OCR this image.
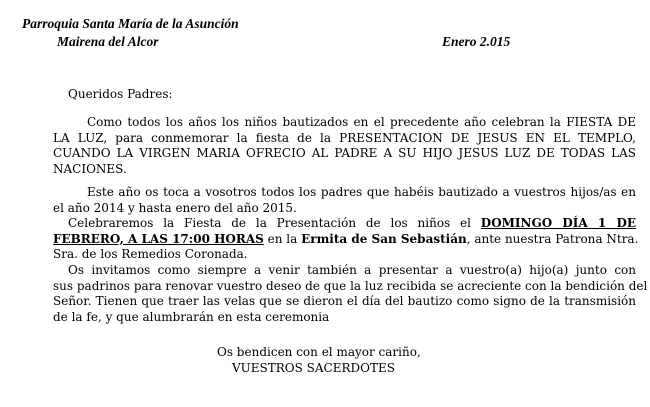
Parroquia Santa María de la Asunción
Mairena del Alcor	Enero 2.015
Queridos Padres:
Como todos los años los niños bautizados en el precedente año celebran la FIESTA DE
LA LUZ, para conmemorar la fiesta de la PRESENTACION DE JESUS EN EL TEMPLO,
CUANDO LA VIRGEN MARIA OFRECIO AL PADRE A SU HIJO JESUS LUZ DE TODAS LAS
NACIONES.
Este año os toca a vosotros todos los padres que habéis bautizado a vuestros hijos/as en
el año 2014 y hasta enero del año 2015.
Celebraremos la Fiesta de la Presentación de los niños el DOMINGO DÍA 1 DE
FEBRERO, A LAS 17:00 HORAS en la Ermita de San Sebastián, ante nuestra Patrona Ntra.
Sra. de los Remedios Coronada.
Os invitamos como siempre a venir también a presentar a vuestro(a) hijo(a) junto con
sus padrinos para renovar vuestro deseo de que la luz recibida se acreciente con la bendición del
Señor. Tienen que traer las velas que se dieron el día del bautizo como signo de la transmisión
de la fe, y que alumbrarán en esta ceremonia
Os bendicen con el mayor cariño,
VUESTROS SACERDOTES
